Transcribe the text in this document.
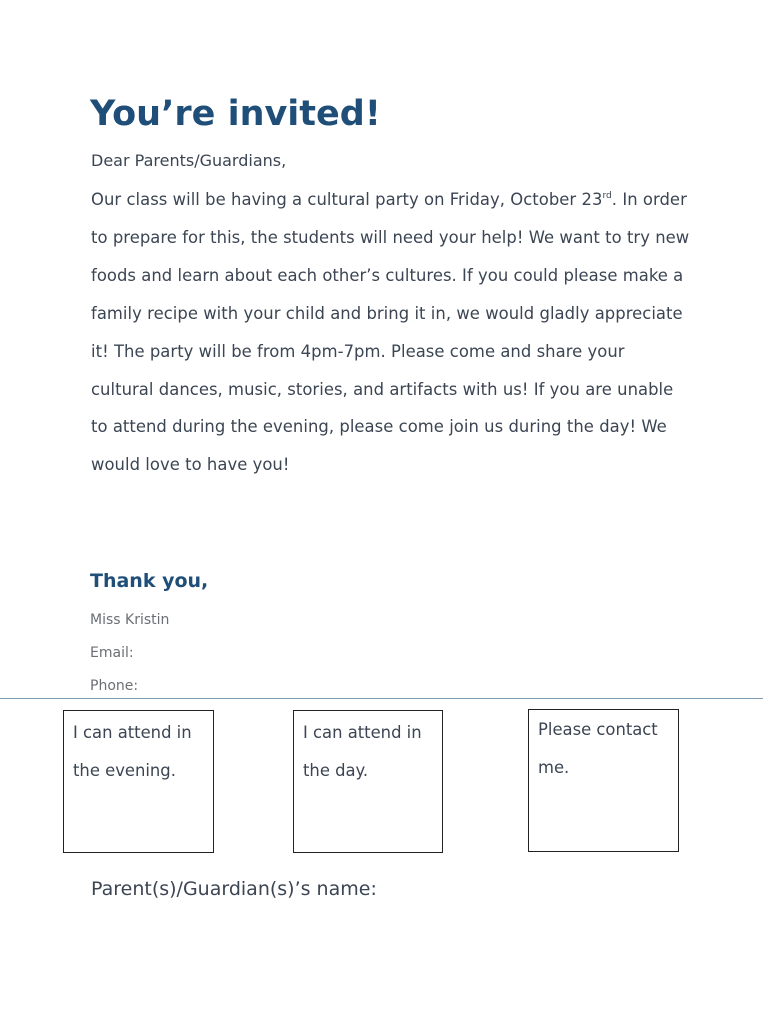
You’re invited!

Dear Parents/Guardians,

Our class will be having a cultural party on Friday, October 23rd. In order to prepare for this, the students will need your help! We want to try new foods and learn about each other’s cultures. If you could please make a family recipe with your child and bring it in, we would gladly appreciate it! The party will be from 4pm-7pm. Please come and share your cultural dances, music, stories, and artifacts with us! If you are unable to attend during the evening, please come join us during the day! We would love to have you!

Thank you,

Miss Kristin

Email:

Phone:

I can attend in the evening.

I can attend in the day.

Please contact me.

Parent(s)/Guardian(s)’s name:
